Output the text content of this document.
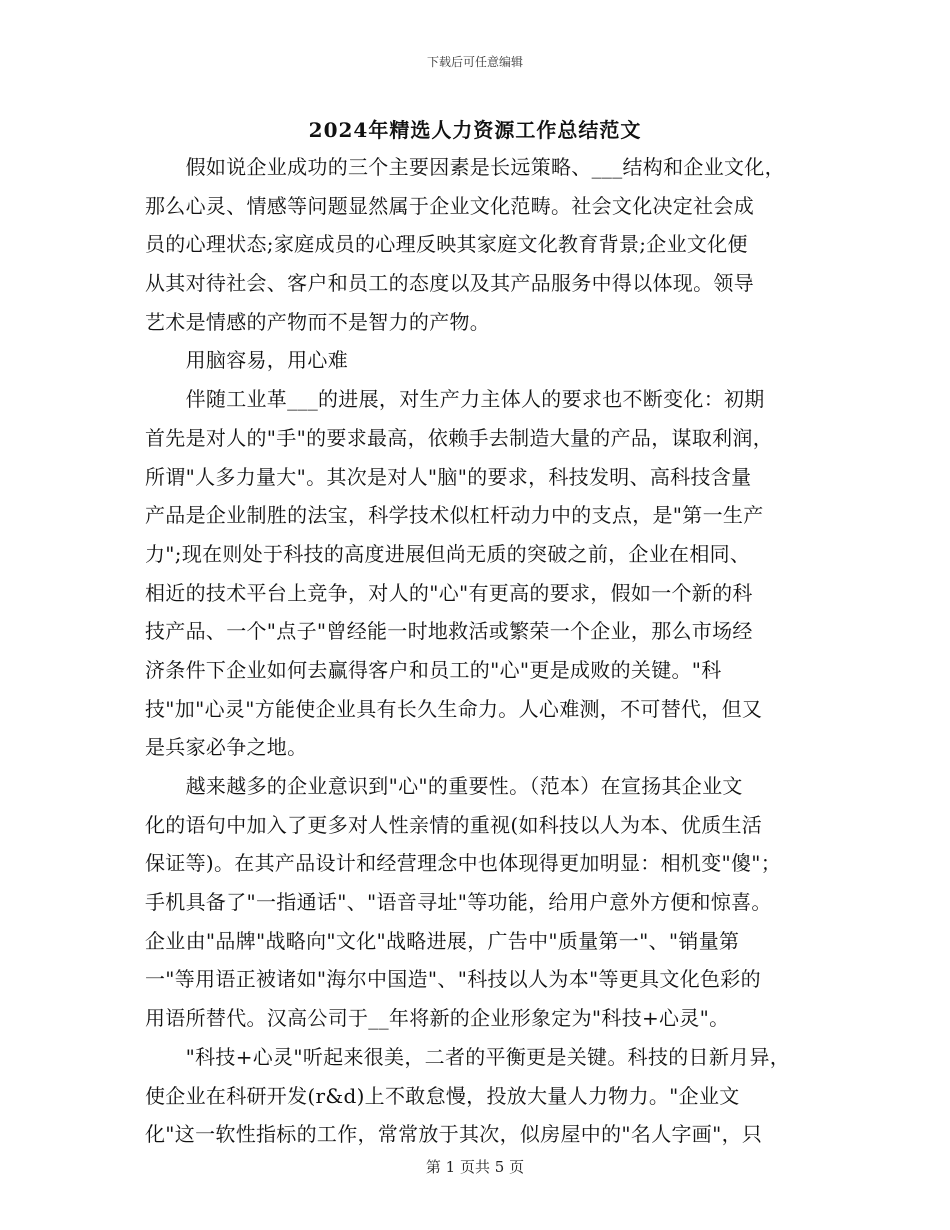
下载后可任意编辑
2024年精选人力资源工作总结范文
　　假如说企业成功的三个主要因素是长远策略、___结构和企业文化，
那么心灵、情感等问题显然属于企业文化范畴。社会文化决定社会成
员的心理状态;家庭成员的心理反映其家庭文化教育背景;企业文化便
从其对待社会、客户和员工的态度以及其产品服务中得以体现。领导
艺术是情感的产物而不是智力的产物。
　　用脑容易，用心难
　　伴随工业革___的进展，对生产力主体人的要求也不断变化：初期
首先是对人的"手"的要求最高，依赖手去制造大量的产品，谋取利润，
所谓"人多力量大"。其次是对人"脑"的要求，科技发明、高科技含量
产品是企业制胜的法宝，科学技术似杠杆动力中的支点，是"第一生产
力";现在则处于科技的高度进展但尚无质的突破之前，企业在相同、
相近的技术平台上竞争，对人的"心"有更高的要求，假如一个新的科
技产品、一个"点子"曾经能一时地救活或繁荣一个企业，那么市场经
济条件下企业如何去赢得客户和员工的"心"更是成败的关键。"科
技"加"心灵"方能使企业具有长久生命力。人心难测，不可替代，但又
是兵家必争之地。
　　越来越多的企业意识到"心"的重要性。（范本）在宣扬其企业文
化的语句中加入了更多对人性亲情的重视(如科技以人为本、优质生活
保证等)。在其产品设计和经营理念中也体现得更加明显：相机变"傻"；
手机具备了"一指通话"、"语音寻址"等功能，给用户意外方便和惊喜。
企业由"品牌"战略向"文化"战略进展，广告中"质量第一"、"销量第
一"等用语正被诸如"海尔中国造"、"科技以人为本"等更具文化色彩的
用语所替代。汉高公司于__年将新的企业形象定为"科技+心灵"。
　　"科技+心灵"听起来很美，二者的平衡更是关键。科技的日新月异，
使企业在科研开发(r&d)上不敢怠慢，投放大量人力物力。"企业文
化"这一软性指标的工作，常常放于其次，似房屋中的"名人字画"，只
第 1 页共 5 页
